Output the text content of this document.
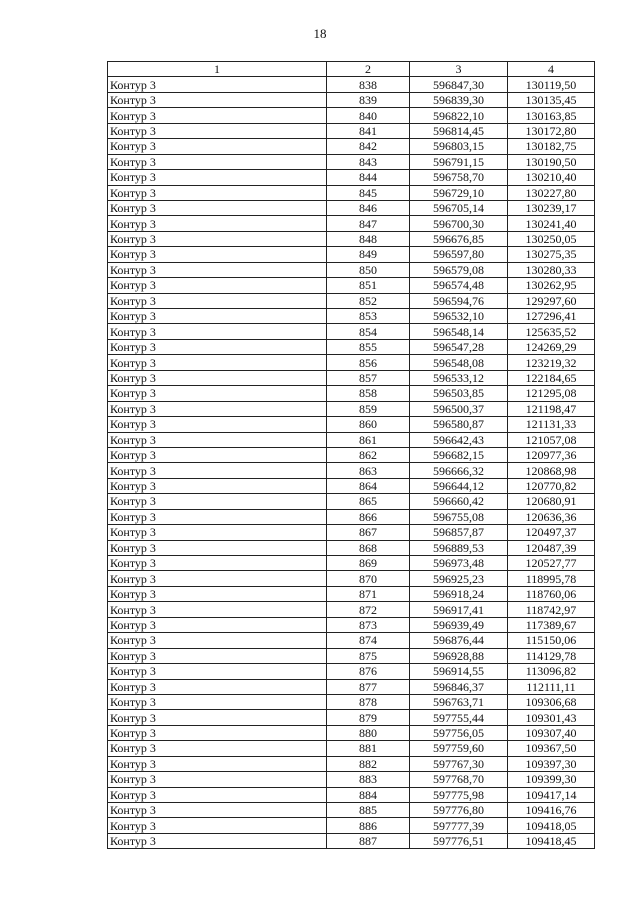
18
1	2	3	4
Контур 3	838	596847,30	130119,50
Контур 3	839	596839,30	130135,45
Контур 3	840	596822,10	130163,85
Контур 3	841	596814,45	130172,80
Контур 3	842	596803,15	130182,75
Контур 3	843	596791,15	130190,50
Контур 3	844	596758,70	130210,40
Контур 3	845	596729,10	130227,80
Контур 3	846	596705,14	130239,17
Контур 3	847	596700,30	130241,40
Контур 3	848	596676,85	130250,05
Контур 3	849	596597,80	130275,35
Контур 3	850	596579,08	130280,33
Контур 3	851	596574,48	130262,95
Контур 3	852	596594,76	129297,60
Контур 3	853	596532,10	127296,41
Контур 3	854	596548,14	125635,52
Контур 3	855	596547,28	124269,29
Контур 3	856	596548,08	123219,32
Контур 3	857	596533,12	122184,65
Контур 3	858	596503,85	121295,08
Контур 3	859	596500,37	121198,47
Контур 3	860	596580,87	121131,33
Контур 3	861	596642,43	121057,08
Контур 3	862	596682,15	120977,36
Контур 3	863	596666,32	120868,98
Контур 3	864	596644,12	120770,82
Контур 3	865	596660,42	120680,91
Контур 3	866	596755,08	120636,36
Контур 3	867	596857,87	120497,37
Контур 3	868	596889,53	120487,39
Контур 3	869	596973,48	120527,77
Контур 3	870	596925,23	118995,78
Контур 3	871	596918,24	118760,06
Контур 3	872	596917,41	118742,97
Контур 3	873	596939,49	117389,67
Контур 3	874	596876,44	115150,06
Контур 3	875	596928,88	114129,78
Контур 3	876	596914,55	113096,82
Контур 3	877	596846,37	112111,11
Контур 3	878	596763,71	109306,68
Контур 3	879	597755,44	109301,43
Контур 3	880	597756,05	109307,40
Контур 3	881	597759,60	109367,50
Контур 3	882	597767,30	109397,30
Контур 3	883	597768,70	109399,30
Контур 3	884	597775,98	109417,14
Контур 3	885	597776,80	109416,76
Контур 3	886	597777,39	109418,05
Контур 3	887	597776,51	109418,45
